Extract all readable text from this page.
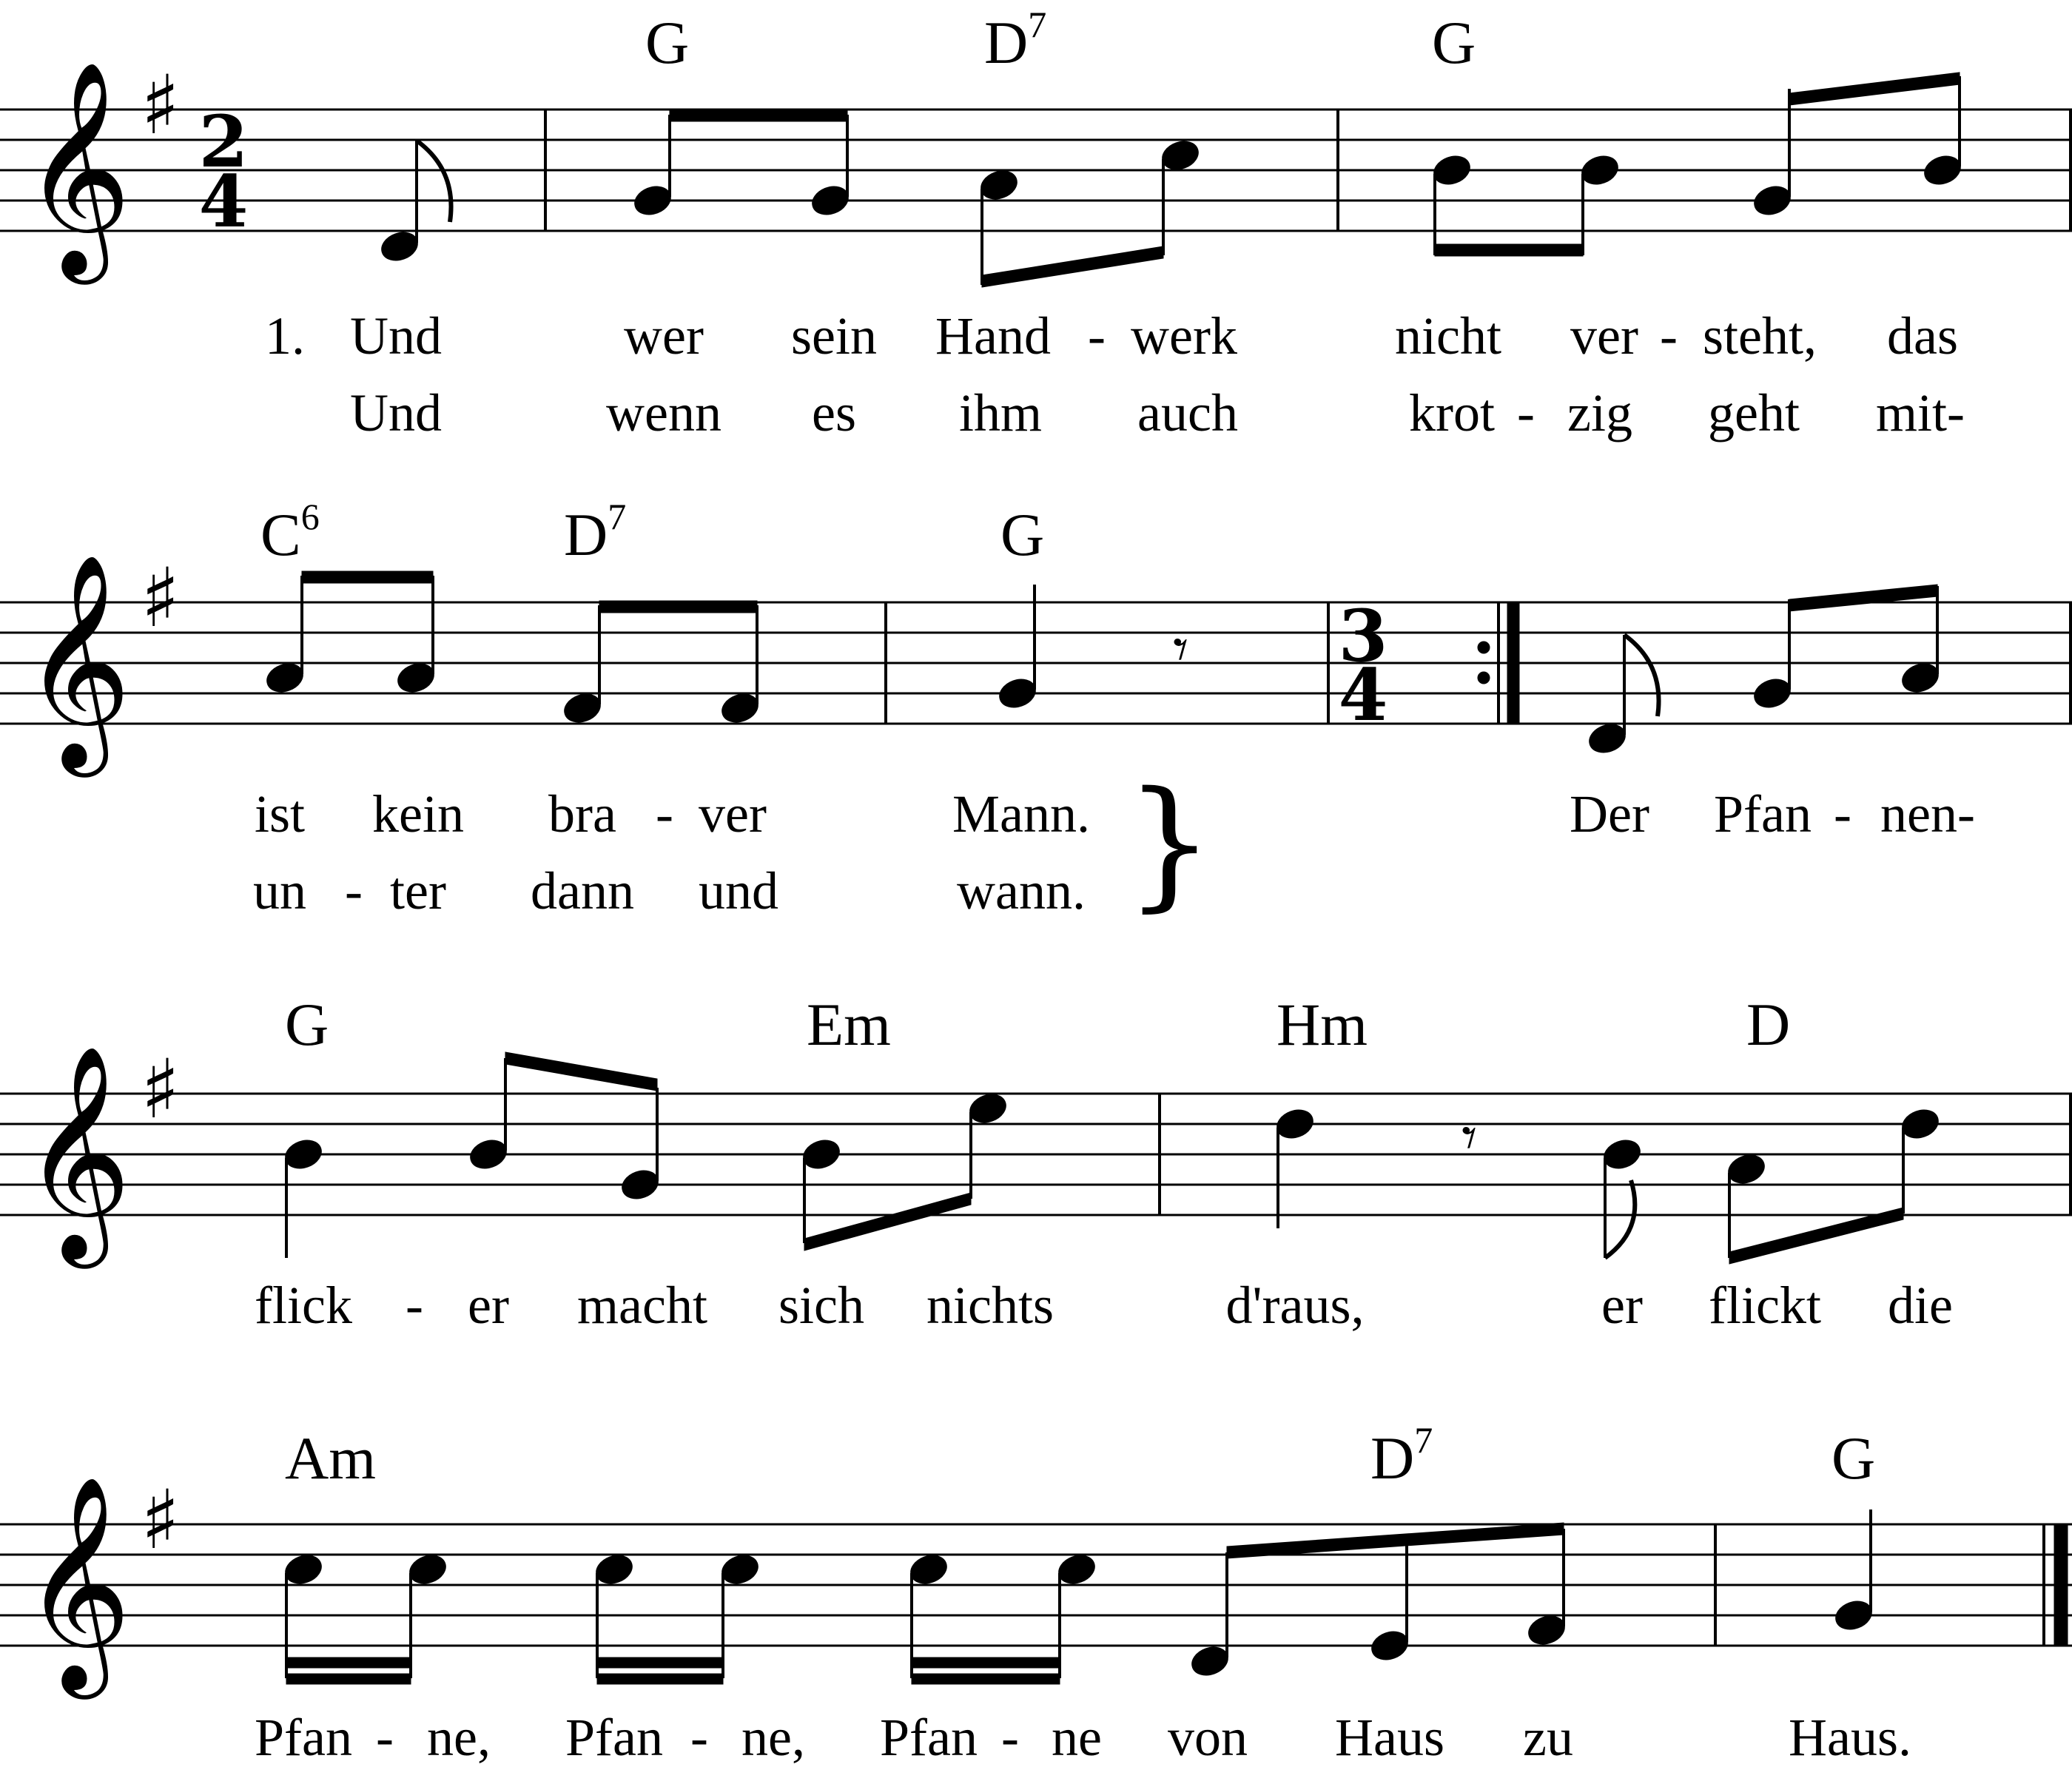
𝄞 ♯ 2
4
G	$D^7$	G
1. Und	wer sein Hand - werk	nicht ver - steht, das
Und	wenn es ihm auch	krot - zig geht mit-
𝄞 ♯	3
4
𝄾
$C^6$	$D^7$	G
ist kein bra - ver	Mann.	Der Pfan - nen-
un - ter dann und	wann. }
𝄞 ♯
𝄾
G	Em	Hm	D
flick - er macht sich nichts	d'raus,	er flickt die
𝄞 ♯
Am	$D^7$	G
Pfan - ne, Pfan - ne, Pfan - ne von Haus zu	Haus.
